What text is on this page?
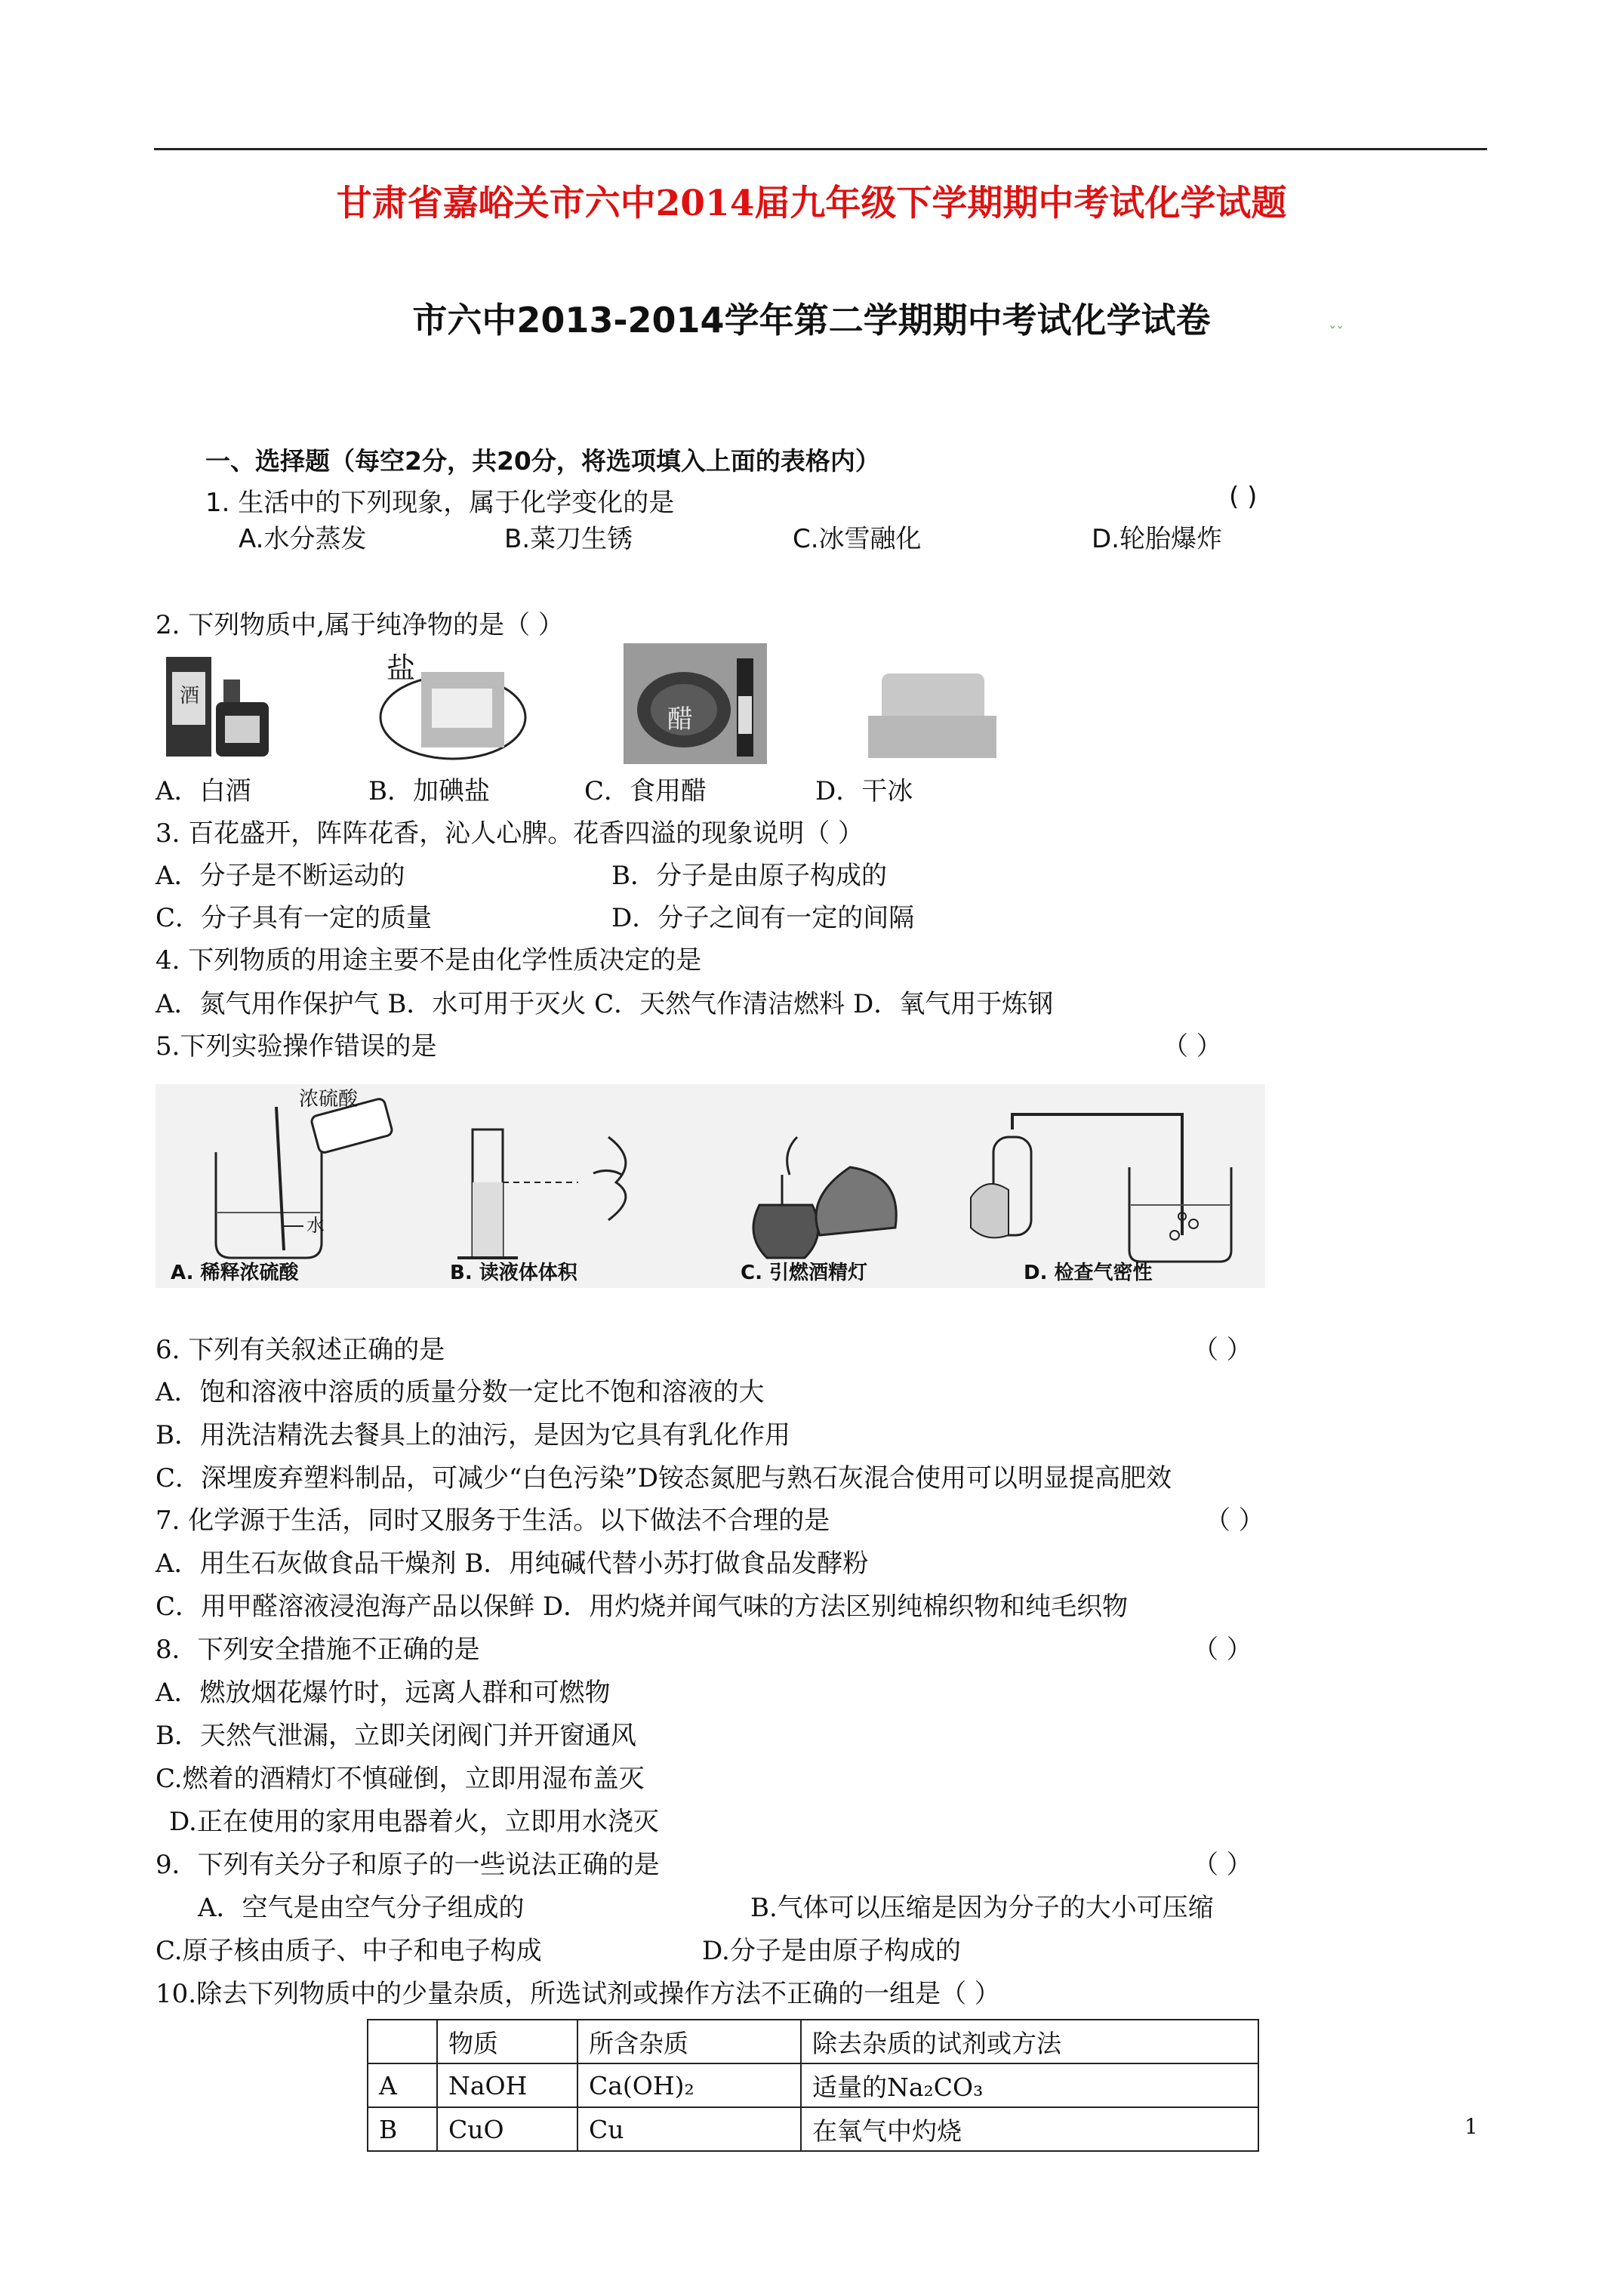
甘肃省嘉峪关市六中2014届九年级下学期期中考试化学试题
市六中2013-2014学年第二学期期中考试化学试卷	ˇˇ
一、选择题（每空2分，共20分，将选项填入上面的表格内）
1. 生活中的下列现象，属于化学变化的是	( )
A.水分蒸发	B.菜刀生锈	C.冰雪融化	D.轮胎爆炸
2. 下列物质中,属于纯净物的是（ ）
酒
盐
醋
A．白酒	B．加碘盐	C．食用醋	D．干冰
3. 百花盛开，阵阵花香，沁人心脾。花香四溢的现象说明（ ）
A．分子是不断运动的	B．分子是由原子构成的
C．分子具有一定的质量	D．分子之间有一定的间隔
4. 下列物质的用途主要不是由化学性质决定的是
A．氮气用作保护气 B．水可用于灭火 C．天然气作清洁燃料 D．氧气用于炼钢
5.下列实验操作错误的是	（ ）
浓硫酸
水
A. 稀释浓硫酸	B. 读液体体积	C. 引燃酒精灯	D. 检查气密性
6. 下列有关叙述正确的是	（ ）
A．饱和溶液中溶质的质量分数一定比不饱和溶液的大
B．用洗洁精洗去餐具上的油污，是因为它具有乳化作用
C．深埋废弃塑料制品，可减少“白色污染”D铵态氮肥与熟石灰混合使用可以明显提高肥效
7. 化学源于生活，同时又服务于生活。以下做法不合理的是	（ ）
A．用生石灰做食品干燥剂 B．用纯碱代替小苏打做食品发酵粉
C．用甲醛溶液浸泡海产品以保鲜 D．用灼烧并闻气味的方法区别纯棉织物和纯毛织物
8．下列安全措施不正确的是	（ ）
A．燃放烟花爆竹时，远离人群和可燃物
B．天然气泄漏，立即关闭阀门并开窗通风
C.燃着的酒精灯不慎碰倒，立即用湿布盖灭
D.正在使用的家用电器着火，立即用水浇灭
9．下列有关分子和原子的一些说法正确的是	（ ）
A．空气是由空气分子组成的	B.气体可以压缩是因为分子的大小可压缩
C.原子核由质子、中子和电子构成	D.分子是由原子构成的
10.除去下列物质中的少量杂质，所选试剂或操作方法不正确的一组是（ ）
	物质	所含杂质	除去杂质的试剂或方法
A	NaOH	Ca(OH)₂	适量的Na₂CO₃
B	CuO	Cu	在氧气中灼烧	1
